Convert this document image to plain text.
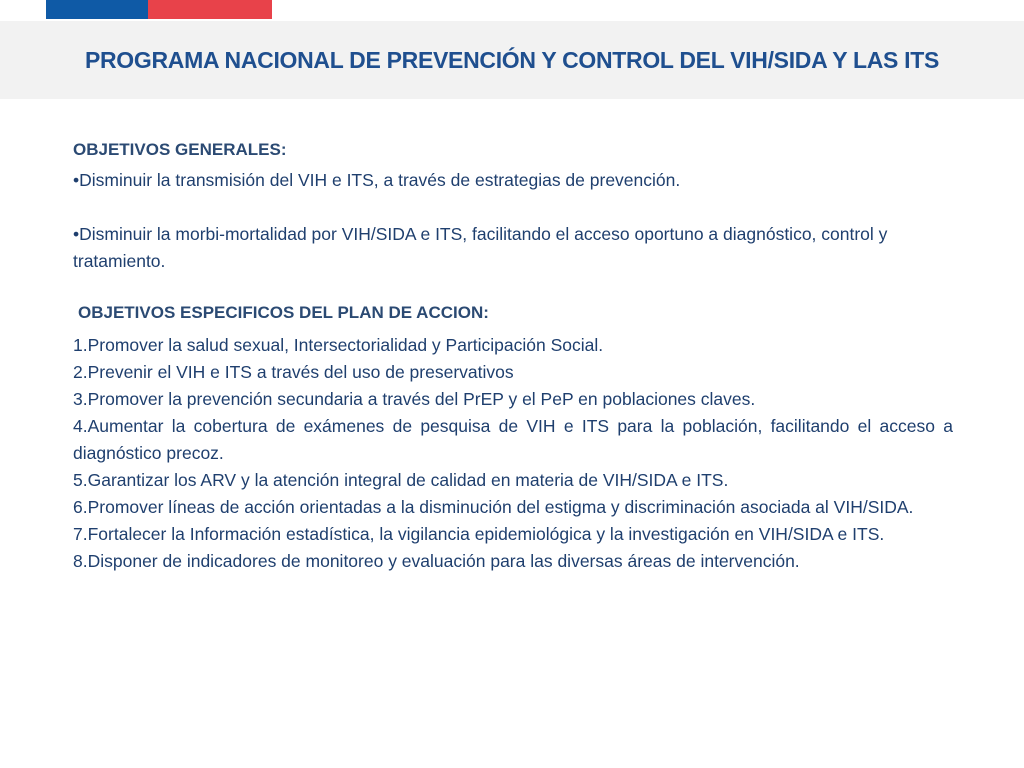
PROGRAMA NACIONAL DE PREVENCIÓN Y CONTROL DEL VIH/SIDA Y LAS ITS
OBJETIVOS GENERALES:
•Disminuir la transmisión del VIH e ITS, a través de estrategias de prevención.
•Disminuir la morbi-mortalidad por VIH/SIDA e ITS, facilitando el acceso oportuno a diagnóstico, control y tratamiento.
OBJETIVOS ESPECIFICOS DEL PLAN DE ACCION:
1.Promover la salud sexual, Intersectorialidad y Participación Social.
2.Prevenir el VIH e ITS a través del uso de preservativos
3.Promover la prevención secundaria a través del PrEP y el PeP en poblaciones claves.
4.Aumentar la cobertura de exámenes de pesquisa de VIH e ITS para la población, facilitando el acceso a diagnóstico precoz.
5.Garantizar los ARV y la atención integral de calidad en materia de VIH/SIDA e ITS.
6.Promover líneas de acción orientadas a la disminución del estigma y discriminación asociada al VIH/SIDA.
7.Fortalecer la Información estadística, la vigilancia epidemiológica y la investigación en VIH/SIDA e ITS.
8.Disponer de indicadores de monitoreo y evaluación para las diversas áreas de intervención.
